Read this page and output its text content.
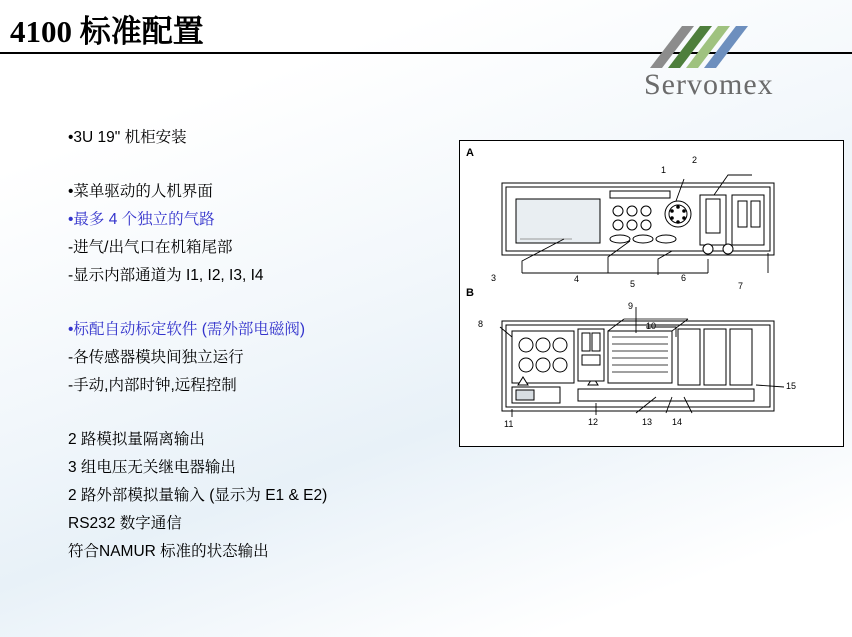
4100 标准配置
Servomex
•3U 19" 机柜安装
•菜单驱动的人机界面
•最多 4 个独立的气路
-进气/出气口在机箱尾部
-显示内部通道为 I1, I2, I3, I4
•标配自动标定软件 (需外部电磁阀)
-各传感器模块间独立运行
-手动,内部时钟,远程控制
2 路模拟量隔离输出
3 组电压无关继电器输出
2 路外部模拟量输入 (显示为 E1 & E2)
RS232 数字通信
符合NAMUR 标准的状态输出
A
B
1
2
3	4	5
6
7
8
9
10
11	12	13 14
15
